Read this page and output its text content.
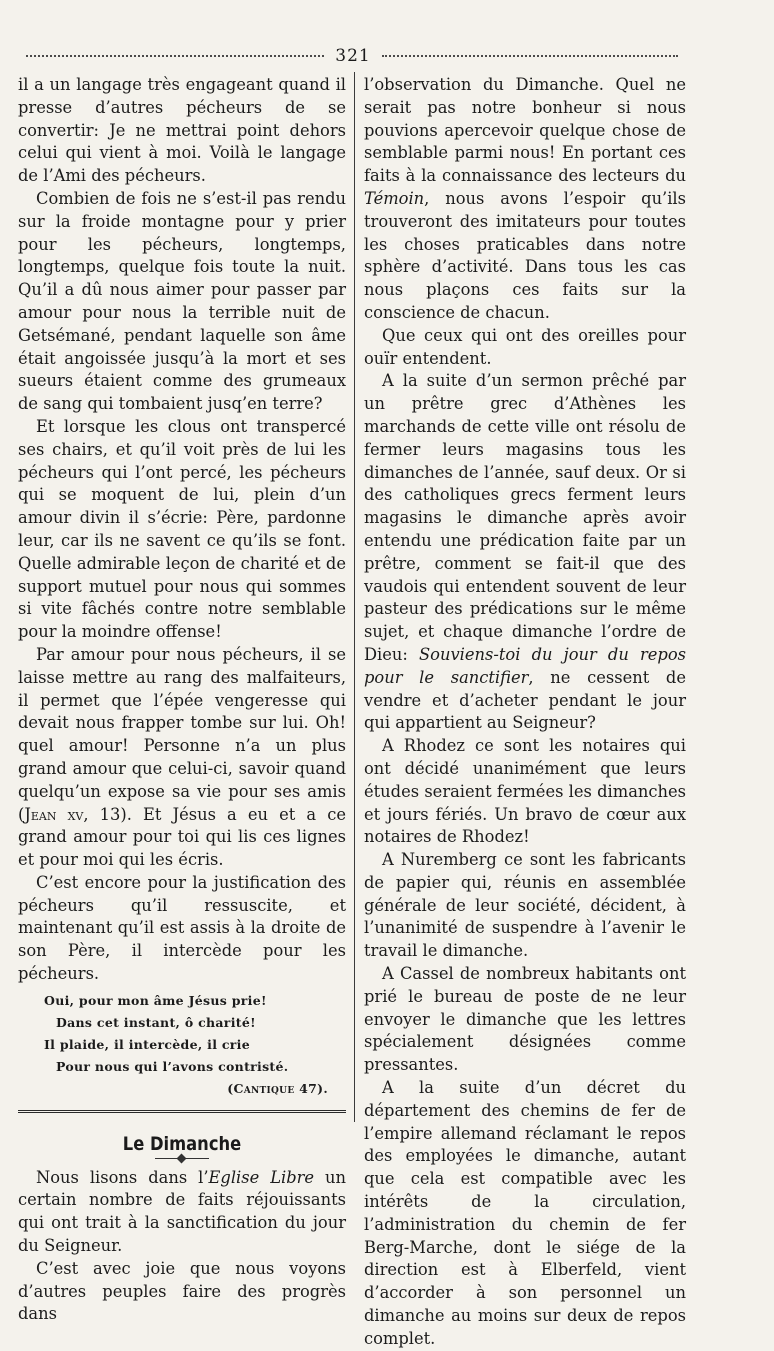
321

il a un langage très engageant quand il presse d’autres pécheurs de se convertir: Je ne mettrai point dehors celui qui vient à moi. Voilà le langage de l’Ami des pécheurs.

Combien de fois ne s’est-il pas rendu sur la froide montagne pour y prier pour les pécheurs, longtemps, longtemps, quelque fois toute la nuit. Qu’il a dû nous aimer pour passer par amour pour nous la terrible nuit de Getsémané, pendant laquelle son âme était angoissée jusqu’à la mort et ses sueurs étaient comme des grumeaux de sang qui tombaient jusq’en terre?

Et lorsque les clous ont transpercé ses chairs, et qu’il voit près de lui les pécheurs qui l’ont percé, les pécheurs qui se moquent de lui, plein d’un amour divin il s’écrie: Père, pardonne leur, car ils ne savent ce qu’ils se font. Quelle admirable leçon de charité et de support mutuel pour nous qui sommes si vite fâchés contre notre semblable pour la moindre offense!

Par amour pour nous pécheurs, il se laisse mettre au rang des malfaiteurs, il permet que l’épée vengeresse qui devait nous frapper tombe sur lui. Oh! quel amour! Personne n’a un plus grand amour que celui-ci, savoir quand quelqu’un expose sa vie pour ses amis (Jean xv, 13). Et Jésus a eu et a ce grand amour pour toi qui lis ces lignes et pour moi qui les écris.

C’est encore pour la justification des pécheurs qu’il ressuscite, et maintenant qu’il est assis à la droite de son Père, il intercède pour les pécheurs.

Oui, pour mon âme Jésus prie!
Dans cet instant, ô charité!
Il plaide, il intercède, il crie
Pour nous qui l’avons contristé.
(Cantique 47).
Le Dimanche

Nous lisons dans l’Eglise Libre un certain nombre de faits réjouissants qui ont trait à la sanctification du jour du Seigneur.

C’est avec joie que nous voyons d’autres peuples faire des progrès dans

l’observation du Dimanche. Quel ne serait pas notre bonheur si nous pouvions apercevoir quelque chose de semblable parmi nous! En portant ces faits à la connaissance des lecteurs du Témoin, nous avons l’espoir qu’ils trouveront des imitateurs pour toutes les choses praticables dans notre sphère d’activité. Dans tous les cas nous plaçons ces faits sur la conscience de chacun.

Que ceux qui ont des oreilles pour ouïr entendent.

A la suite d’un sermon prêché par un prêtre grec d’Athènes les marchands de cette ville ont résolu de fermer leurs magasins tous les dimanches de l’année, sauf deux. Or si des catholiques grecs ferment leurs magasins le dimanche après avoir entendu une prédication faite par un prêtre, comment se fait-il que des vaudois qui entendent souvent de leur pasteur des prédications sur le même sujet, et chaque dimanche l’ordre de Dieu: Souviens-toi du jour du repos pour le sanctifier, ne cessent de vendre et d’acheter pendant le jour qui appartient au Seigneur?

A Rhodez ce sont les notaires qui ont décidé unanimément que leurs études seraient fermées les dimanches et jours fériés. Un bravo de cœur aux notaires de Rhodez!

A Nuremberg ce sont les fabricants de papier qui, réunis en assemblée générale de leur société, décident, à l’unanimité de suspendre à l’avenir le travail le dimanche.

A Cassel de nombreux habitants ont prié le bureau de poste de ne leur envoyer le dimanche que les lettres spécialement désignées comme pressantes.

A la suite d’un décret du département des chemins de fer de l’empire allemand réclamant le repos des employées le dimanche, autant que cela est compatible avec les intérêts de la circulation, l’administration du chemin de fer Berg-Marche, dont le siége de la direction est à Elberfeld, vient d’accorder à son personnel un dimanche au moins sur deux de repos complet.
